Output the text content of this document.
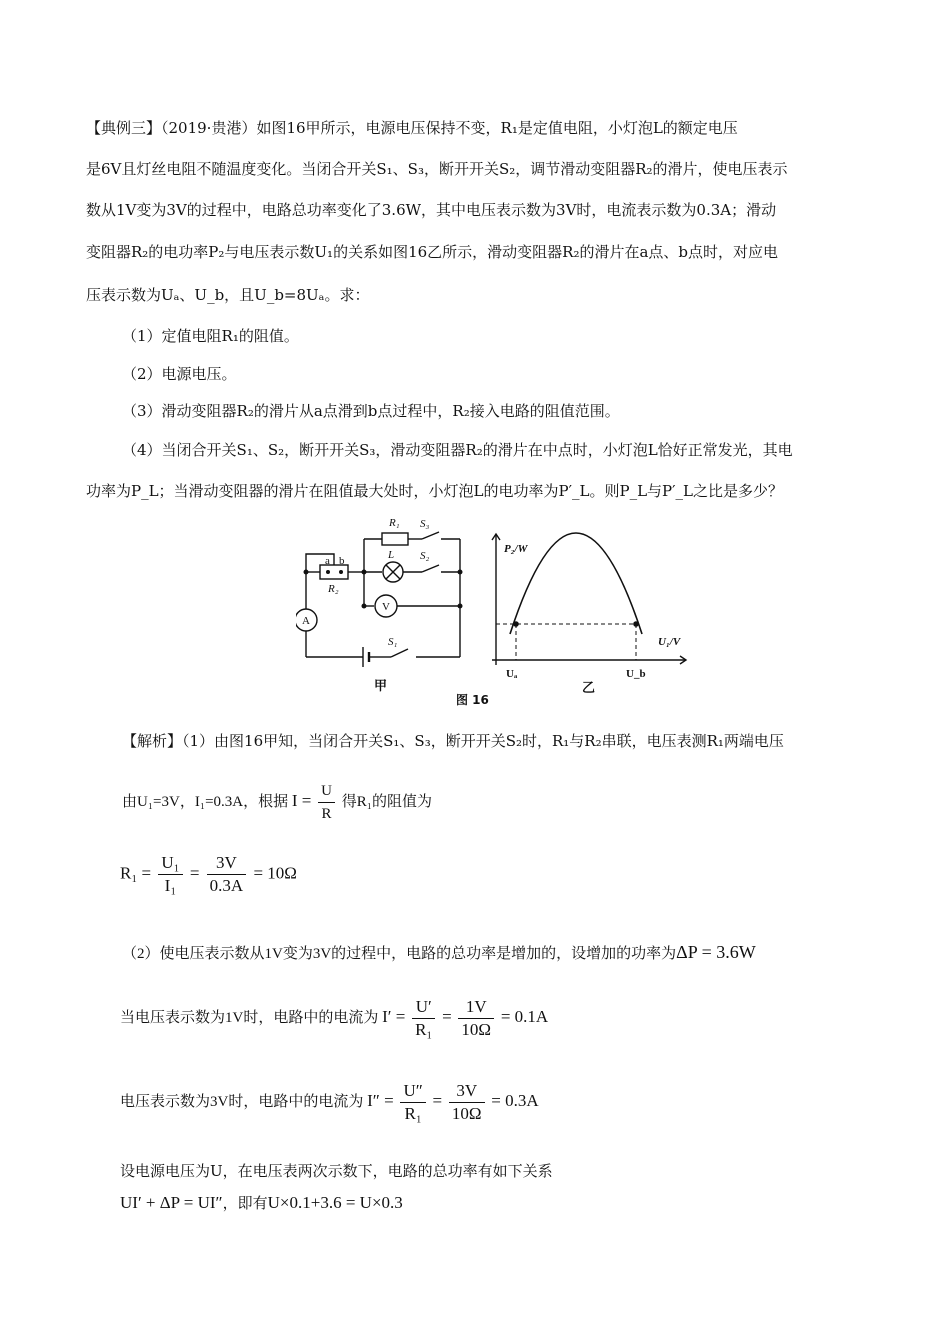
【典例三】（2019·贵港）如图16甲所示，电源电压保持不变，R₁是定值电阻，小灯泡L的额定电压
是6V且灯丝电阻不随温度变化。当闭合开关S₁、S₃，断开开关S₂，调节滑动变阻器R₂的滑片，使电压表示
数从1V变为3V的过程中，电路总功率变化了3.6W，其中电压表示数为3V时，电流表示数为0.3A；滑动
变阻器R₂的电功率P₂与电压表示数U₁的关系如图16乙所示，滑动变阻器R₂的滑片在a点、b点时，对应电
压表示数为Uₐ、U_b，且U_b=8Uₐ。求：
（1）定值电阻R₁的阻值。
（2）电源电压。
（3）滑动变阻器R₂的滑片从a点滑到b点过程中，R₂接入电路的阻值范围。
（4）当闭合开关S₁、S₂，断开开关S₃，滑动变阻器R₂的滑片在中点时，小灯泡L恰好正常发光，其电
功率为P_L；当滑动变阻器的滑片在阻值最大处时，小灯泡L的电功率为P′_L。则P_L与P′_L之比是多少？
R₁ S₃
L S₂
a b
R₂
A
V
S₁
P₂/W
U₁/V
Uₐ	U_b
甲	乙
图 16
【解析】（1）由图16甲知，当闭合开关S₁、S₃，断开开关S₂时，R₁与R₂串联，电压表测R₁两端电压
由U₁=3V，I₁=0.3A，根据 $I = \frac{U}{R}$ 得R₁的阻值为
$R_1 = \frac{\text{U₁}}{\text{I₁}} = \frac{3V}{0.3A} = 10\Omega$
（2）使电压表示数从1V变为3V的过程中，电路的总功率是增加的，设增加的功率为ΔP = 3.6W
当电压表示数为1V时，电路中的电流为 $I' = \frac{U'}{\text{R₁}} = \frac{1V}{10\Omega} = 0.1A$
电压表示数为3V时，电路中的电流为 $I'' = \frac{U''}{\text{R₁}} = \frac{3V}{10\Omega} = 0.3A$
设电源电压为U，在电压表两次示数下，电路的总功率有如下关系
UI′ + ΔP = UI″，即有U×0.1+3.6 = U×0.3
